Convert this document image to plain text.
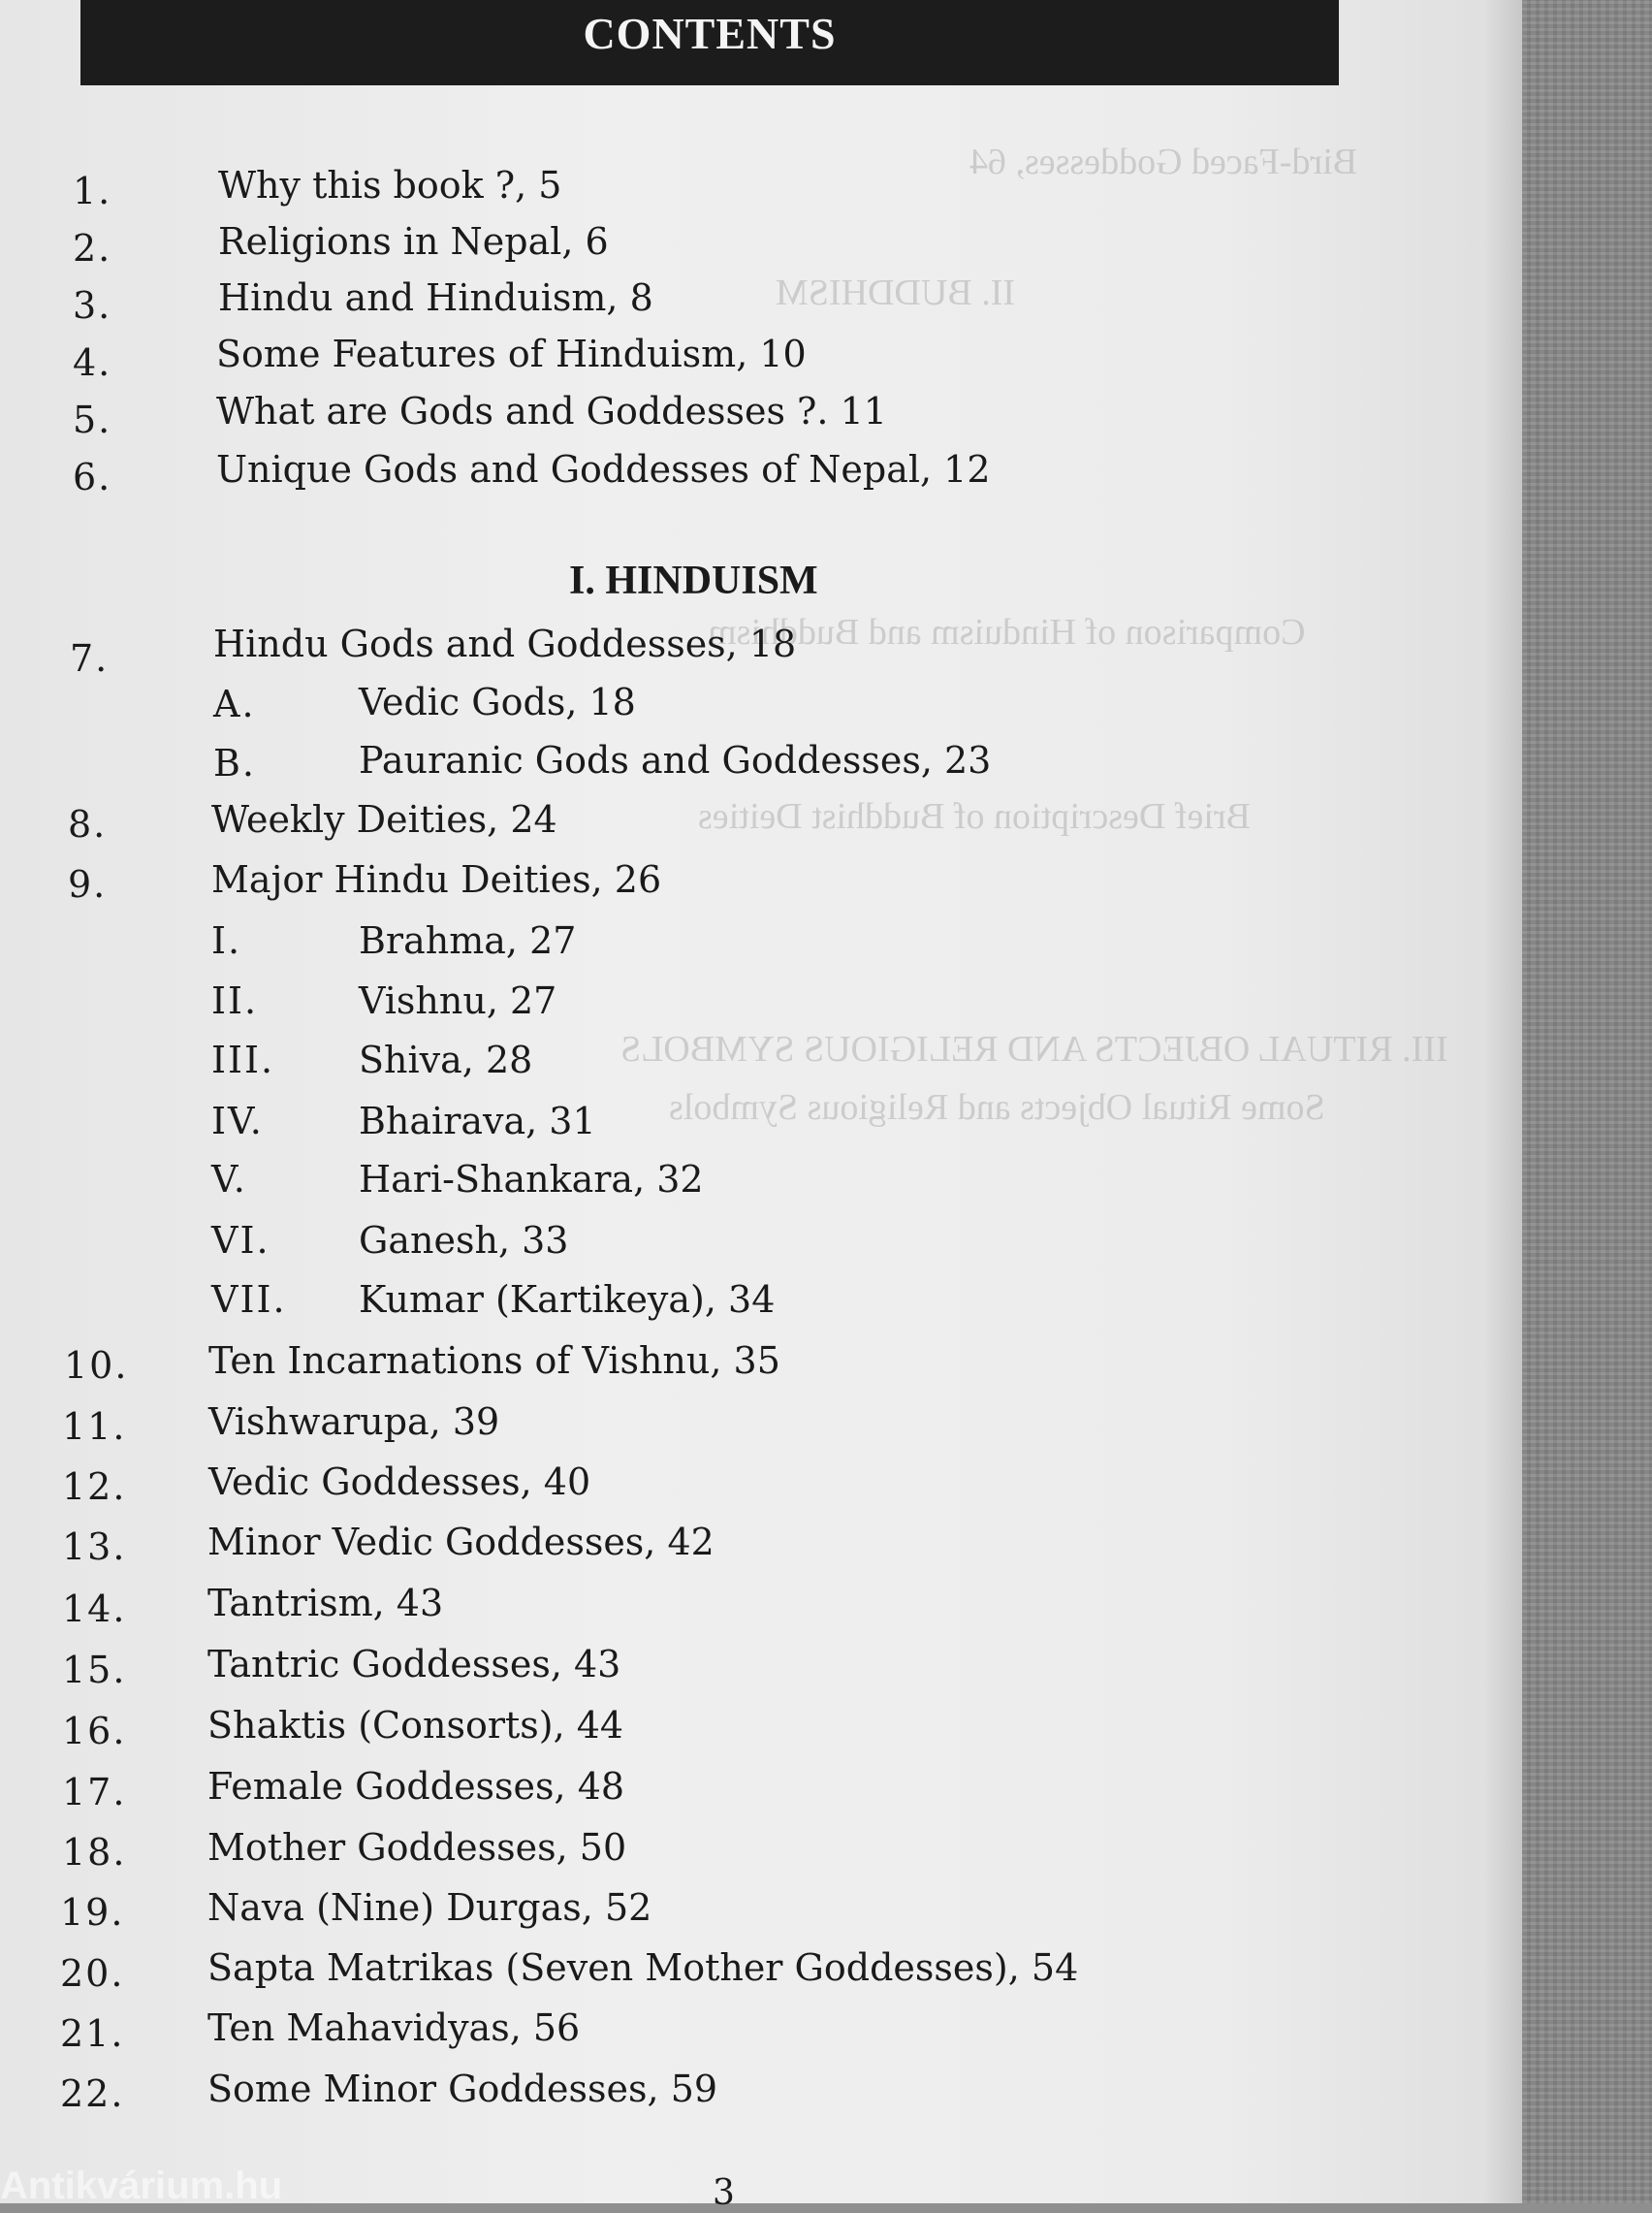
Bird-Faced Goddesses, 64
II. BUDDHISM
Comparison of Hinduism and Buddhism
Brief Description of Buddhist Deities
III. RITUAL OBJECTS AND RELIGIOUS SYMBOLS
Some Ritual Objects and Religious Symbols
CONTENTS
1.	Why this book ?, 5
2.	Religions in Nepal, 6
3.	Hindu and Hinduism, 8
4.	Some Features of Hinduism, 10
5.	What are Gods and Goddesses ?. 11
6.	Unique Gods and Goddesses of Nepal, 12
I. HINDUISM
7.	Hindu Gods and Goddesses, 18
A.	Vedic Gods, 18
B.	Pauranic Gods and Goddesses, 23
8.	Weekly Deities, 24
9.	Major Hindu Deities, 26
I.	Brahma, 27
II.	Vishnu, 27
III. Shiva, 28
IV.	Bhairava, 31
V.	Hari-Shankara, 32
VI. Ganesh, 33
VII. Kumar (Kartikeya), 34
10. Ten Incarnations of Vishnu, 35
11. Vishwarupa, 39
12. Vedic Goddesses, 40
13. Minor Vedic Goddesses, 42
14. Tantrism, 43
15. Tantric Goddesses, 43
16. Shaktis (Consorts), 44
17. Female Goddesses, 48
18. Mother Goddesses, 50
19. Nava (Nine) Durgas, 52
20. Sapta Matrikas (Seven Mother Goddesses), 54
21. Ten Mahavidyas, 56
22. Some Minor Goddesses, 59
3
Antikvárium.hu
